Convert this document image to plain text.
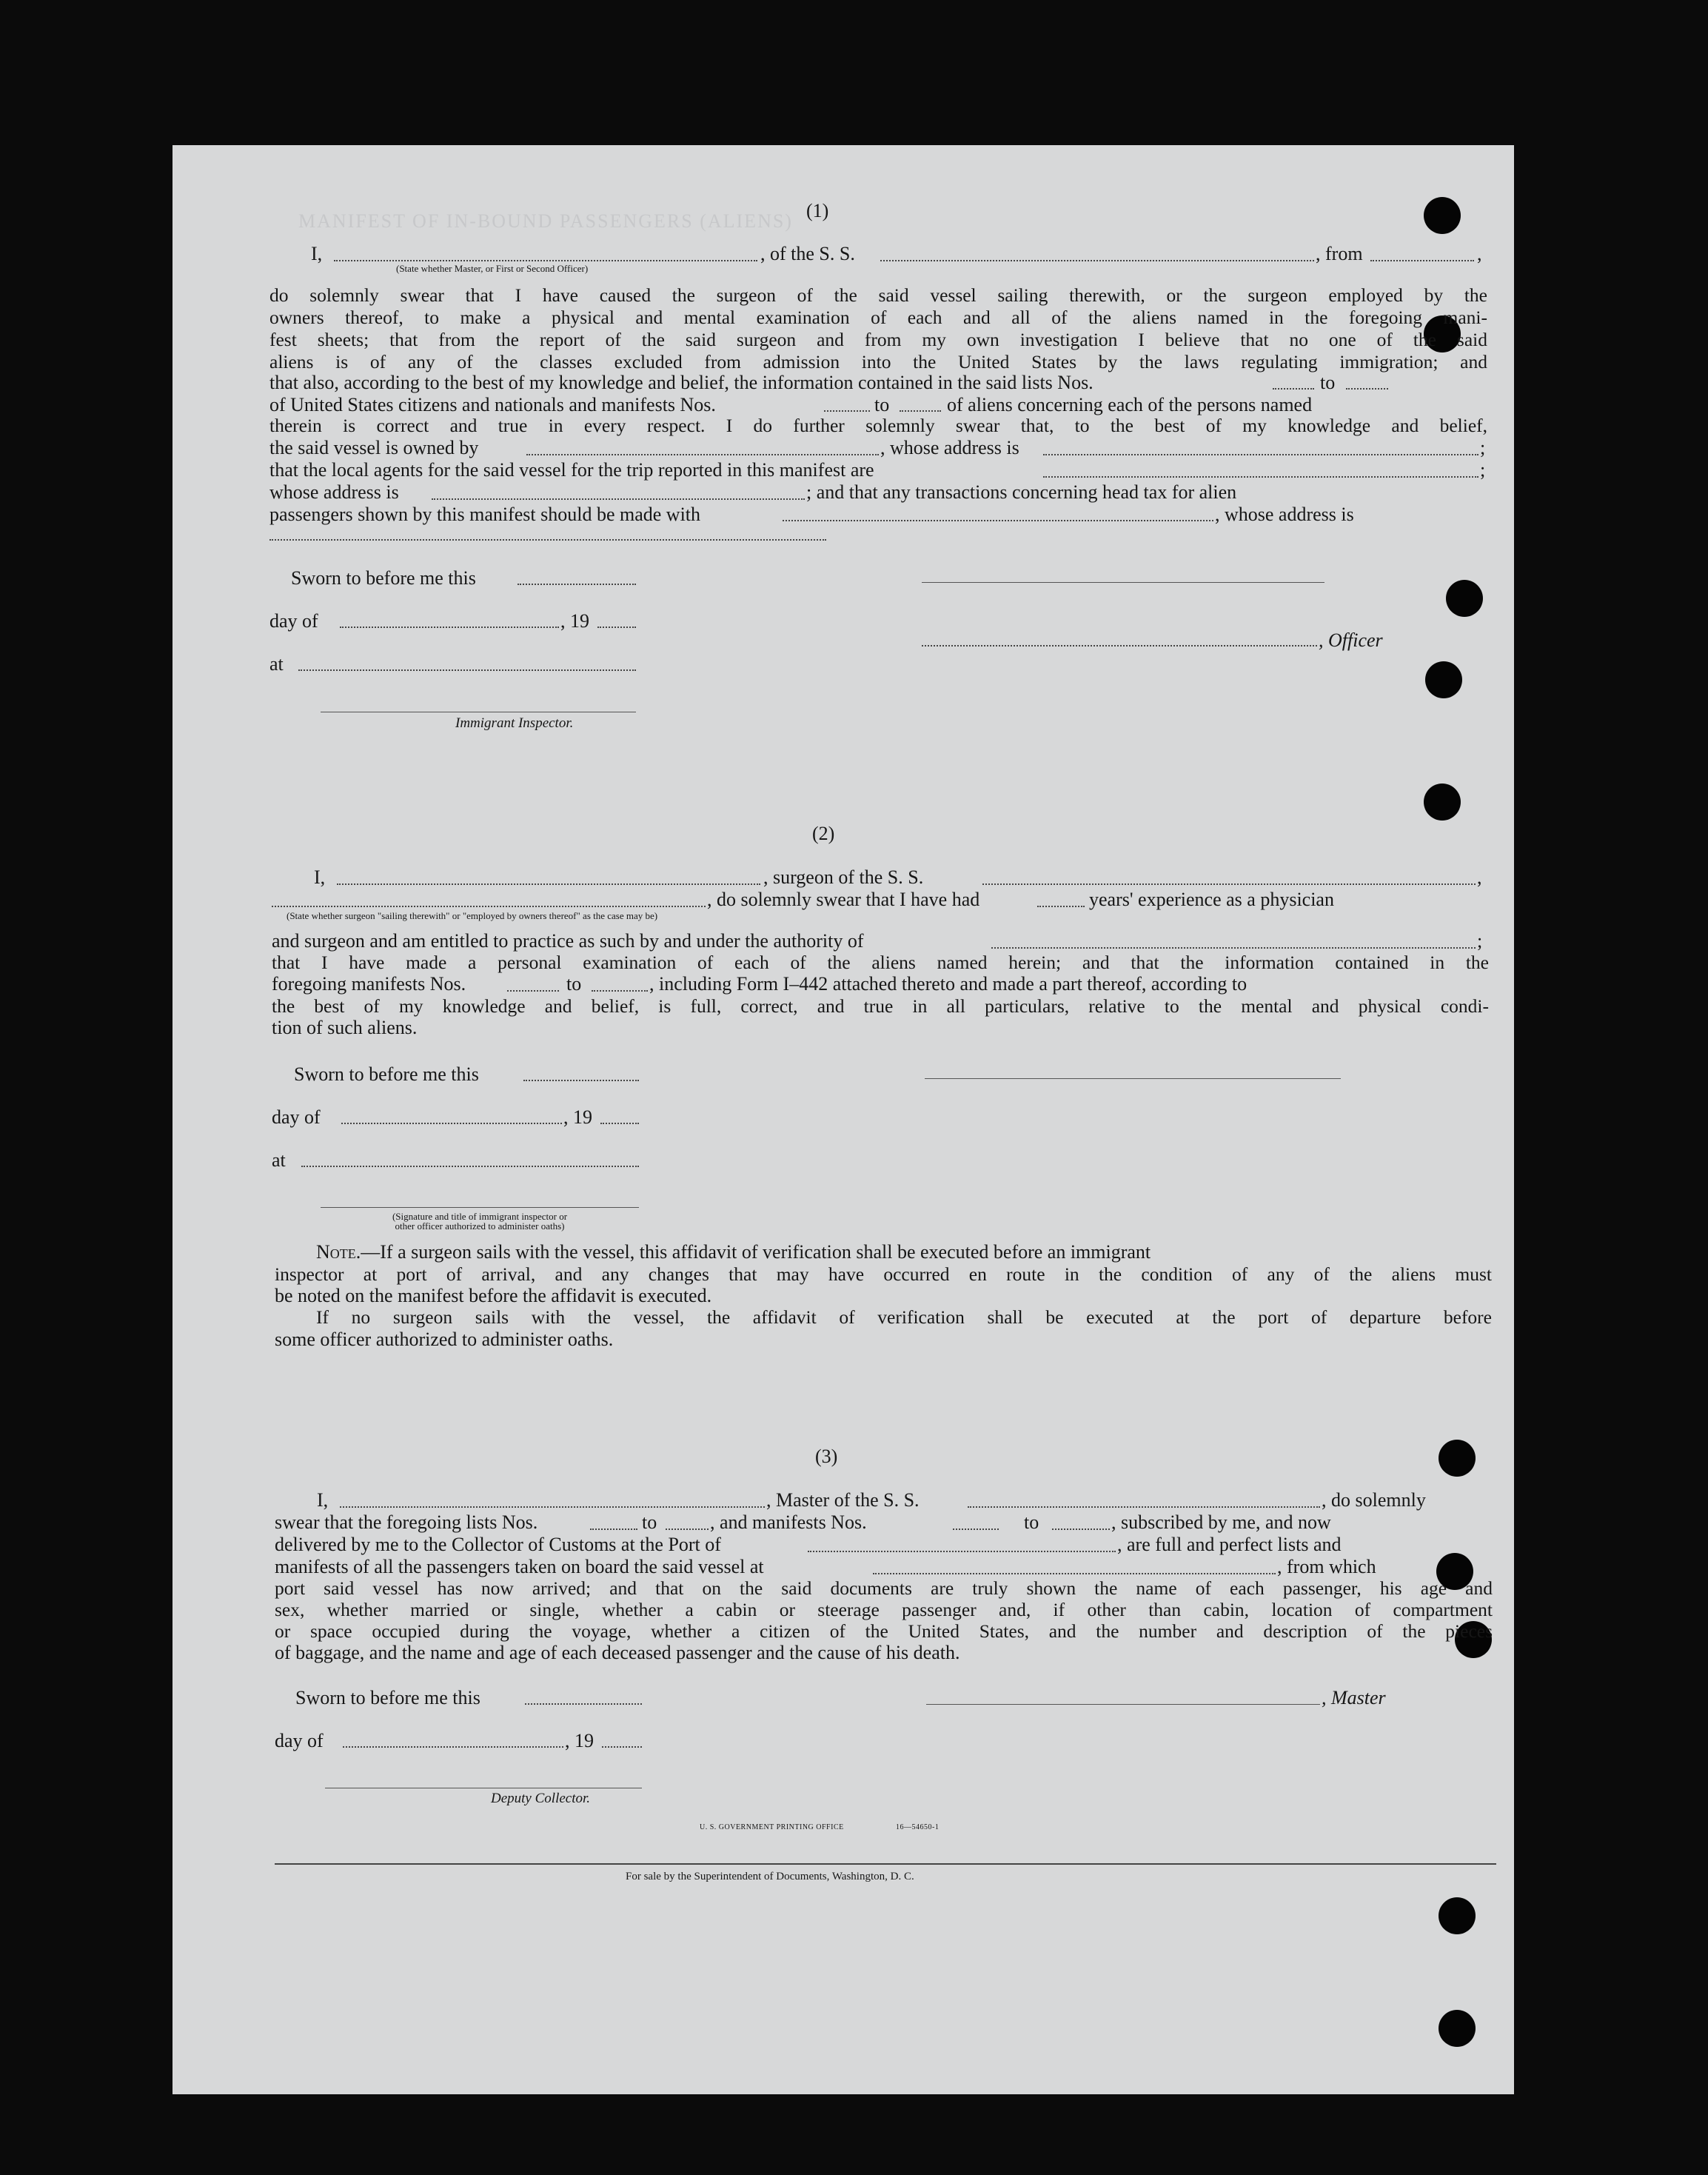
MANIFEST OF IN-BOUND PASSENGERS (ALIENS) (1)
I,
(State whether Master, or First or Second Officer)
, of the S. S.	, from	,
do solemnly swear that I have caused the surgeon of the said vessel sailing therewith, or the surgeon employed by the
owners thereof, to make a physical and mental examination of each and all of the aliens named in the foregoing mani-
fest sheets; that from the report of the said surgeon and from my own investigation I believe that no one of the said
aliens is of any of the classes excluded from admission into the United States by the laws regulating immigration; and
that also, according to the best of my knowledge and belief, the information contained in the said lists Nos.	to
of United States citizens and nationals and manifests Nos.	to	of aliens concerning each of the persons named
therein is correct and true in every respect. I do further solemnly swear that, to the best of my knowledge and belief,
the said vessel is owned by	, whose address is	;
that the local agents for the said vessel for the trip reported in this manifest are	;
whose address is	; and that any transactions concerning head tax for alien
passengers shown by this manifest should be made with	, whose address is
Sworn to before me this
day of	, 19
, Officer
at
Immigrant Inspector.
(2)
I,	, surgeon of the S. S.	,
, do solemnly swear that I have had	years' experience as a physician
(State whether surgeon "sailing therewith" or "employed by owners thereof" as the case may be)
and surgeon and am entitled to practice as such by and under the authority of	;
that I have made a personal examination of each of the aliens named herein; and that the information contained in the
foregoing manifests Nos.	to	, including Form I–442 attached thereto and made a part thereof, according to
the best of my knowledge and belief, is full, correct, and true in all particulars, relative to the mental and physical condi-
tion of such aliens.
Sworn to before me this
day of	, 19
at
(Signature and title of immigrant inspector or
other officer authorized to administer oaths)
Note.—If a surgeon sails with the vessel, this affidavit of verification shall be executed before an immigrant
inspector at port of arrival, and any changes that may have occurred en route in the condition of any of the aliens must
be noted on the manifest before the affidavit is executed.
If no surgeon sails with the vessel, the affidavit of verification shall be executed at the port of departure before
some officer authorized to administer oaths.
(3)
I,	, Master of the S. S.	, do solemnly
swear that the foregoing lists Nos.	to	, and manifests Nos.	to	, subscribed by me, and now
delivered by me to the Collector of Customs at the Port of	, are full and perfect lists and
manifests of all the passengers taken on board the said vessel at	, from which
port said vessel has now arrived; and that on the said documents are truly shown the name of each passenger, his age and
sex, whether married or single, whether a cabin or steerage passenger and, if other than cabin, location of compartment
or space occupied during the voyage, whether a citizen of the United States, and the number and description of the pieces
of baggage, and the name and age of each deceased passenger and the cause of his death.
Sworn to before me this	, Master
day of	, 19
Deputy Collector.
U. S. GOVERNMENT PRINTING OFFICE	16—54650-1
For sale by the Superintendent of Documents, Washington, D. C.
